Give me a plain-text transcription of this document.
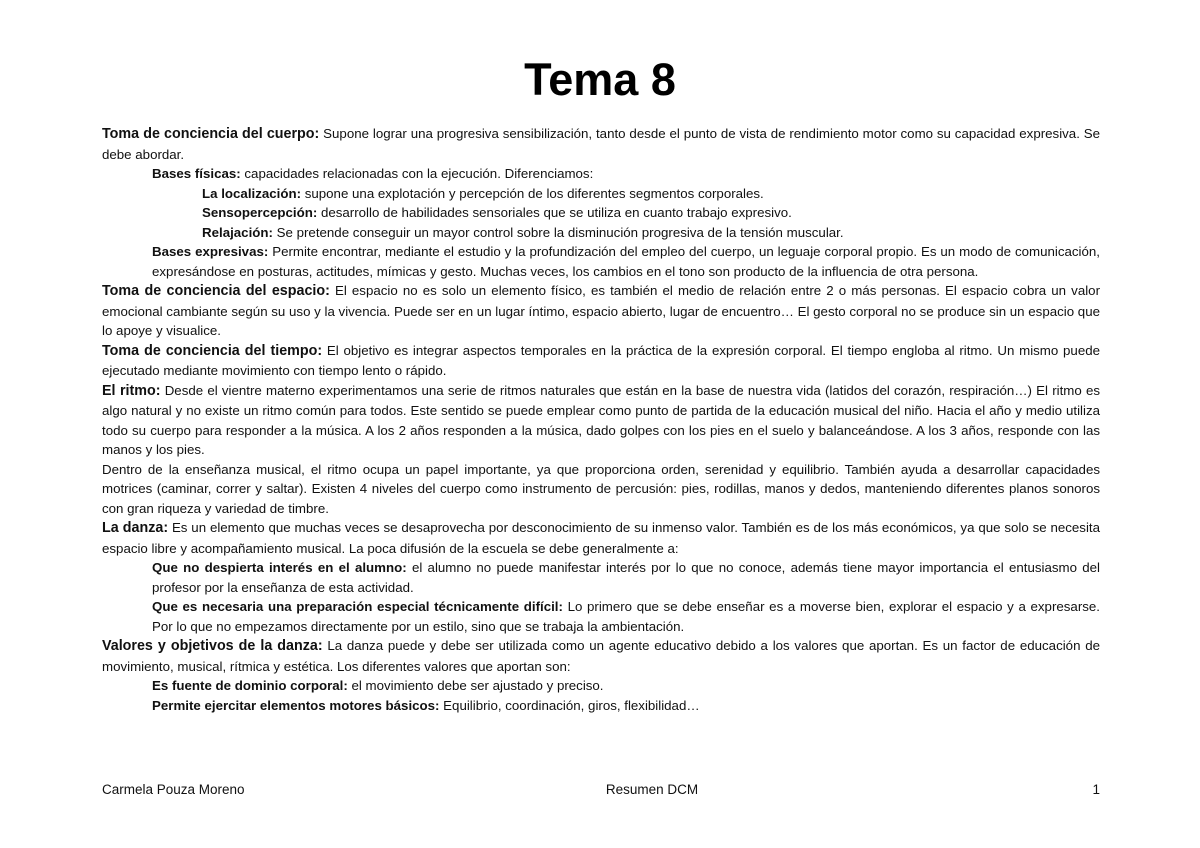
Tema 8

Toma de conciencia del cuerpo: Supone lograr una progresiva sensibilización, tanto desde el punto de vista de rendimiento motor como su capacidad expresiva. Se debe abordar.

Bases físicas: capacidades relacionadas con la ejecución. Diferenciamos:

La localización: supone una explotación y percepción de los diferentes segmentos corporales.

Sensopercepción: desarrollo de habilidades sensoriales que se utiliza en cuanto trabajo expresivo.

Relajación: Se pretende conseguir un mayor control sobre la disminución progresiva de la tensión muscular.

Bases expresivas: Permite encontrar, mediante el estudio y la profundización del empleo del cuerpo, un leguaje corporal propio. Es un modo de comunicación, expresándose en posturas, actitudes, mímicas y gesto. Muchas veces, los cambios en el tono son producto de la influencia de otra persona.

Toma de conciencia del espacio: El espacio no es solo un elemento físico, es también el medio de relación entre 2 o más personas. El espacio cobra un valor emocional cambiante según su uso y la vivencia. Puede ser en un lugar íntimo, espacio abierto, lugar de encuentro… El gesto corporal no se produce sin un espacio que lo apoye y visualice.

Toma de conciencia del tiempo: El objetivo es integrar aspectos temporales en la práctica de la expresión corporal. El tiempo engloba al ritmo. Un mismo puede ejecutado mediante movimiento con tiempo lento o rápido.

El ritmo: Desde el vientre materno experimentamos una serie de ritmos naturales que están en la base de nuestra vida (latidos del corazón, respiración…) El ritmo es algo natural y no existe un ritmo común para todos. Este sentido se puede emplear como punto de partida de la educación musical del niño. Hacia el año y medio utiliza todo su cuerpo para responder a la música. A los 2 años responden a la música, dado golpes con los pies en el suelo y balanceándose. A los 3 años, responde con las manos y los pies.

Dentro de la enseñanza musical, el ritmo ocupa un papel importante, ya que proporciona orden, serenidad y equilibrio. También ayuda a desarrollar capacidades motrices (caminar, correr y saltar). Existen 4 niveles del cuerpo como instrumento de percusión: pies, rodillas, manos y dedos, manteniendo diferentes planos sonoros con gran riqueza y variedad de timbre.

La danza: Es un elemento que muchas veces se desaprovecha por desconocimiento de su inmenso valor. También es de los más económicos, ya que solo se necesita espacio libre y acompañamiento musical. La poca difusión de la escuela se debe generalmente a:

Que no despierta interés en el alumno: el alumno no puede manifestar interés por lo que no conoce, además tiene mayor importancia el entusiasmo del profesor por la enseñanza de esta actividad.

Que es necesaria una preparación especial técnicamente difícil: Lo primero que se debe enseñar es a moverse bien, explorar el espacio y a expresarse. Por lo que no empezamos directamente por un estilo, sino que se trabaja la ambientación.

Valores y objetivos de la danza: La danza puede y debe ser utilizada como un agente educativo debido a los valores que aportan. Es un factor de educación de movimiento, musical, rítmica y estética. Los diferentes valores que aportan son:

Es fuente de dominio corporal: el movimiento debe ser ajustado y preciso.

Permite ejercitar elementos motores básicos: Equilibrio, coordinación, giros, flexibilidad…

Carmela Pouza Moreno	Resumen DCM	1
